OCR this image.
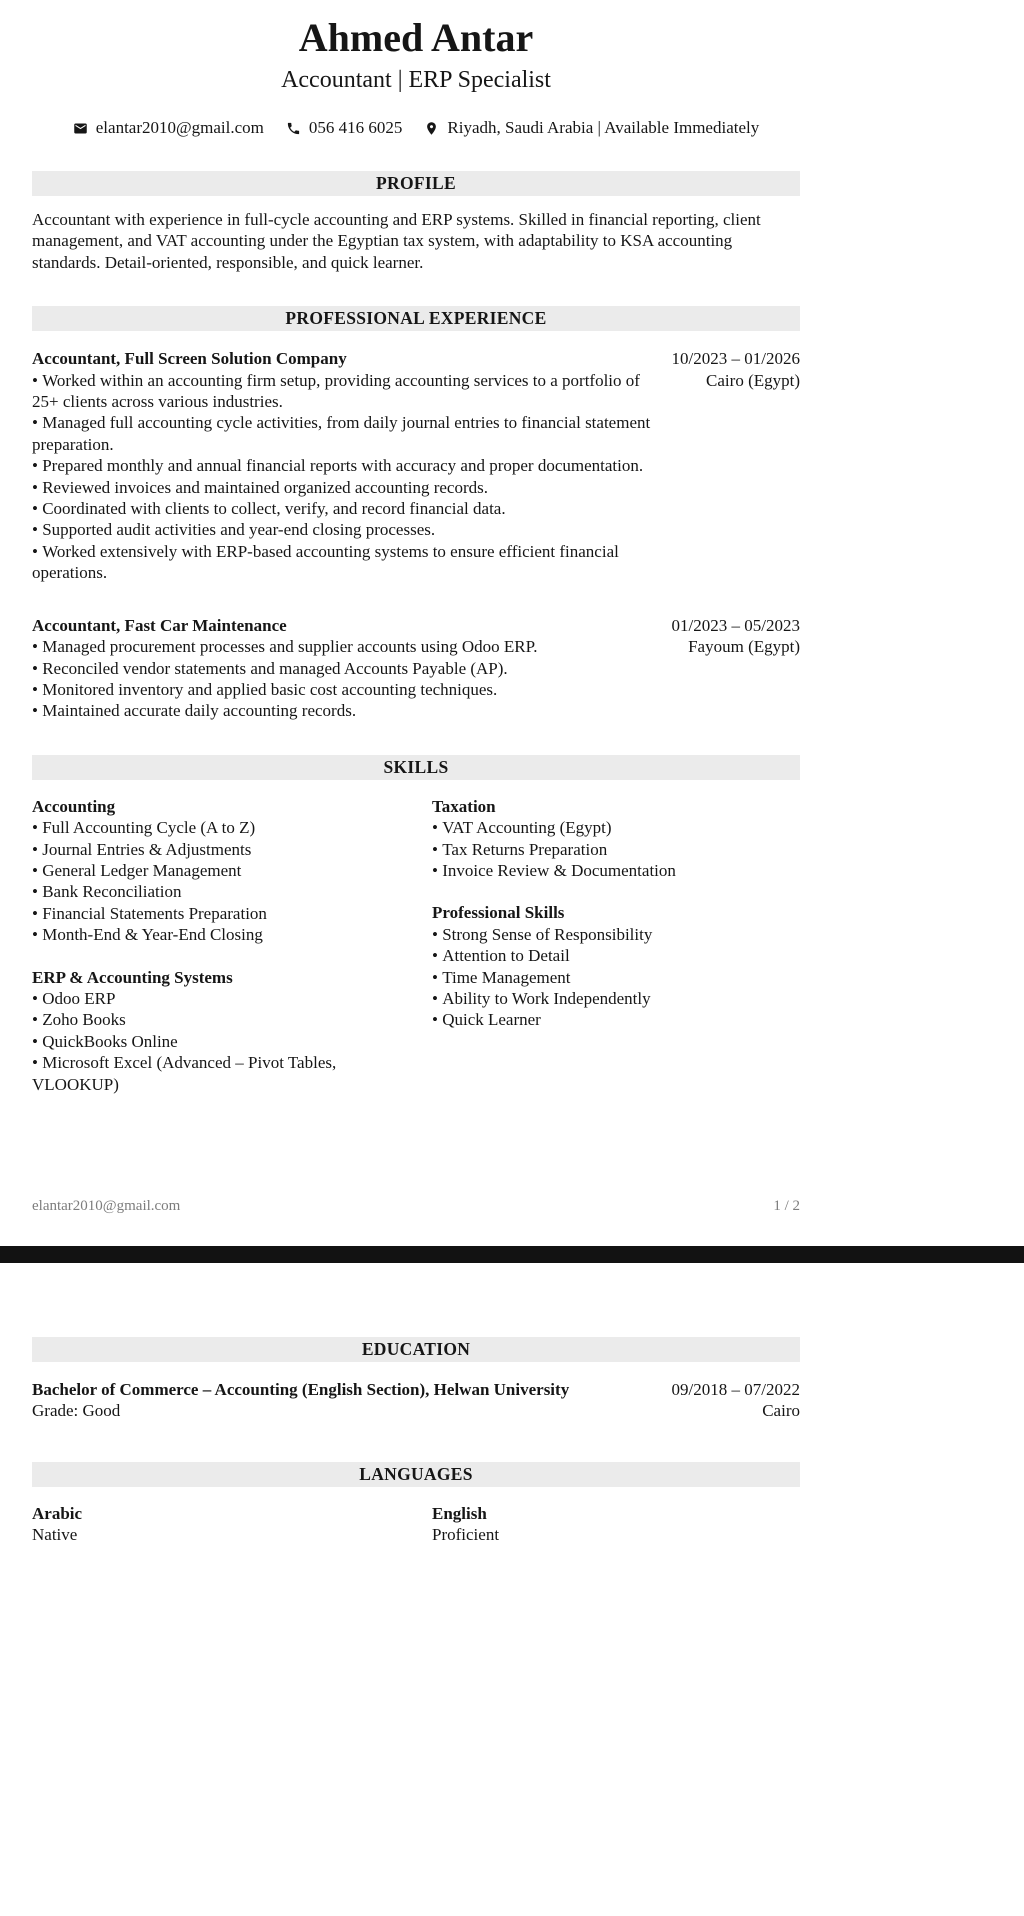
Ahmed Antar
Accountant | ERP Specialist
elantar2010@gmail.com	056 416 6025	Riyadh, Saudi Arabia | Available Immediately
PROFILE

Accountant with experience in full-cycle accounting and ERP systems. Skilled in financial reporting, client management, and VAT accounting under the Egyptian tax system, with adaptability to KSA accounting standards. Detail-oriented, responsible, and quick learner.

PROFESSIONAL EXPERIENCE
Accountant, Full Screen Solution Company
• Worked within an accounting firm setup, providing accounting services to a portfolio of 25+ clients across various industries.
• Managed full accounting cycle activities, from daily journal entries to financial statement preparation.
• Prepared monthly and annual financial reports with accuracy and proper documentation.
• Reviewed invoices and maintained organized accounting records.
• Coordinated with clients to collect, verify, and record financial data.
• Supported audit activities and year-end closing processes.
• Worked extensively with ERP-based accounting systems to ensure efficient financial operations.
10/2023 – 01/2026
Cairo (Egypt)
Accountant, Fast Car Maintenance
• Managed procurement processes and supplier accounts using Odoo ERP.
• Reconciled vendor statements and managed Accounts Payable (AP).
• Monitored inventory and applied basic cost accounting techniques.
• Maintained accurate daily accounting records.
01/2023 – 05/2023
Fayoum (Egypt)
SKILLS
Accounting
• Full Accounting Cycle (A to Z)
• Journal Entries & Adjustments
• General Ledger Management
• Bank Reconciliation
• Financial Statements Preparation
• Month-End & Year-End Closing
ERP & Accounting Systems
• Odoo ERP
• Zoho Books
• QuickBooks Online
• Microsoft Excel (Advanced – Pivot Tables, VLOOKUP)
Taxation
• VAT Accounting (Egypt)
• Tax Returns Preparation
• Invoice Review & Documentation
Professional Skills
• Strong Sense of Responsibility
• Attention to Detail
• Time Management
• Ability to Work Independently
• Quick Learner
elantar2010@gmail.com	1 / 2
EDUCATION
Bachelor of Commerce – Accounting (English Section), Helwan University
Grade: Good
09/2018 – 07/2022
Cairo
LANGUAGES
Arabic
Native
English
Proficient
